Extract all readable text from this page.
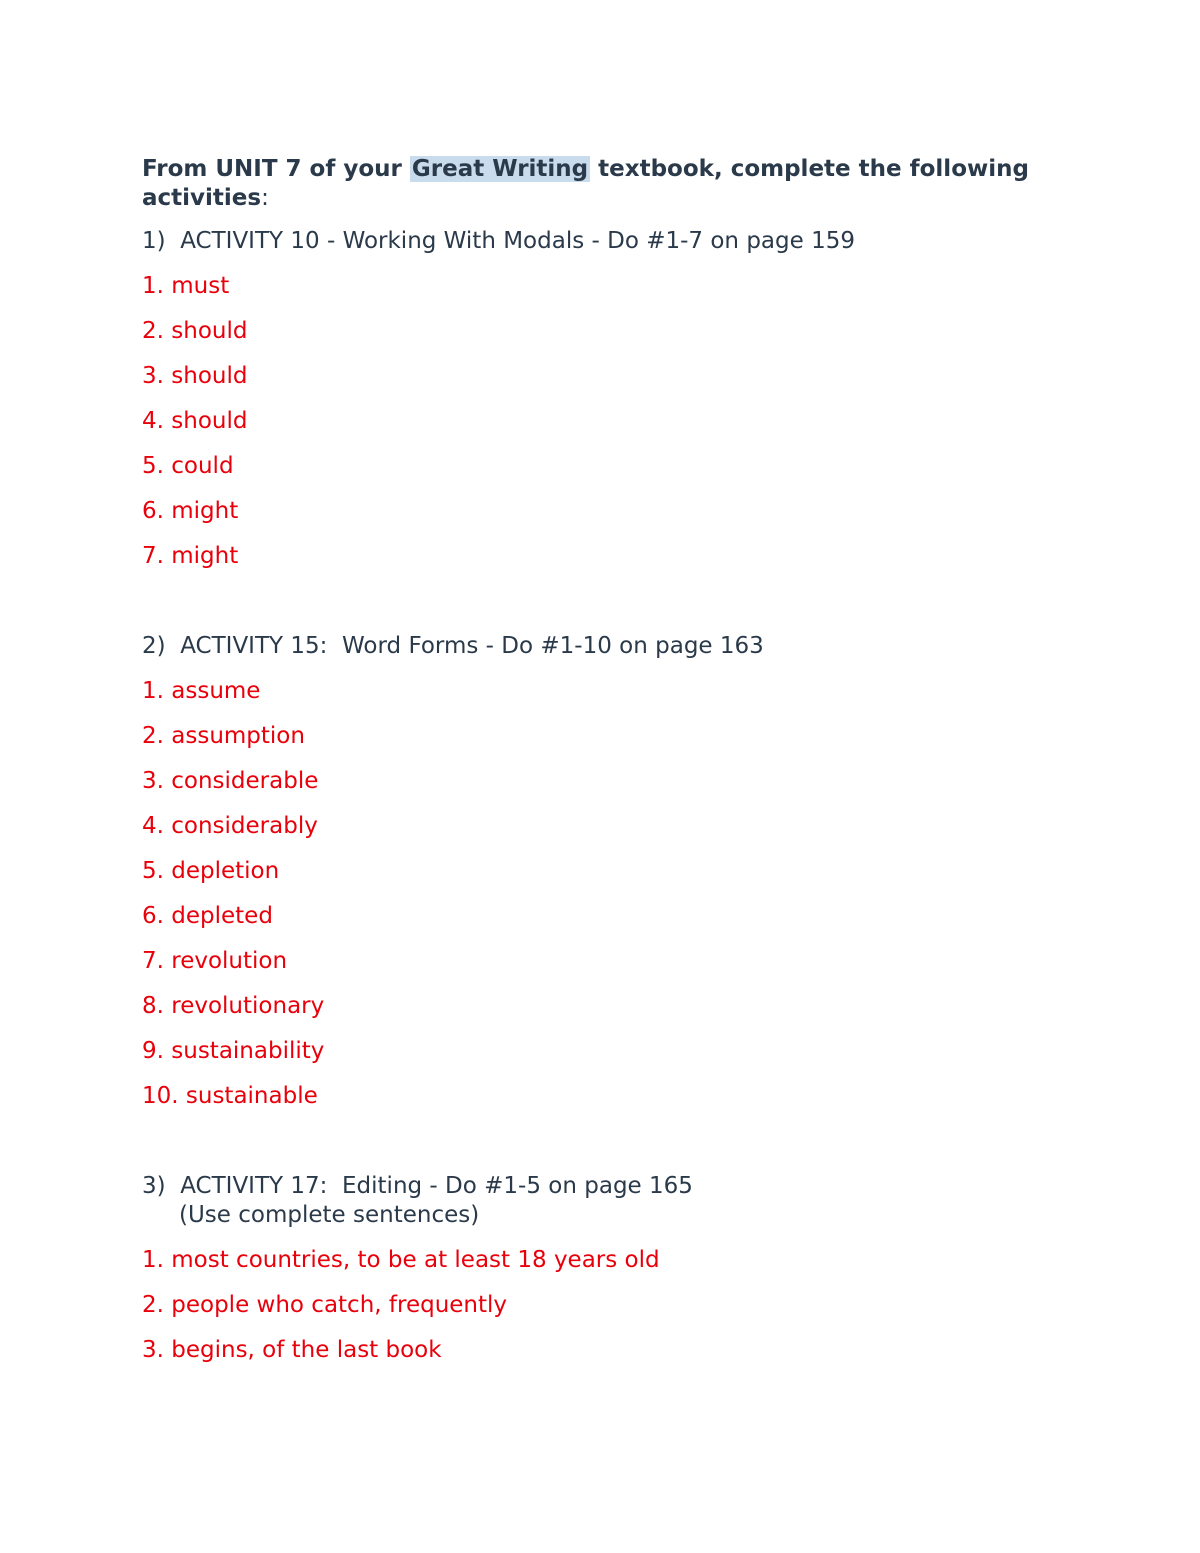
From UNIT 7 of your Great Writing textbook, complete the following activities:

1)  ACTIVITY 10 - Working With Modals - Do #1-7 on page 159

1. must
2. should
3. should
4. should
5. could
6. might
7. might

2)  ACTIVITY 15:  Word Forms - Do #1-10 on page 163

1. assume
2. assumption
3. considerable
4. considerably
5. depletion
6. depleted
7. revolution
8. revolutionary
9. sustainability
10. sustainable

3)  ACTIVITY 17:  Editing - Do #1-5 on page 165

(Use complete sentences)

1. most countries, to be at least 18 years old
2. people who catch, frequently
3. begins, of the last book
